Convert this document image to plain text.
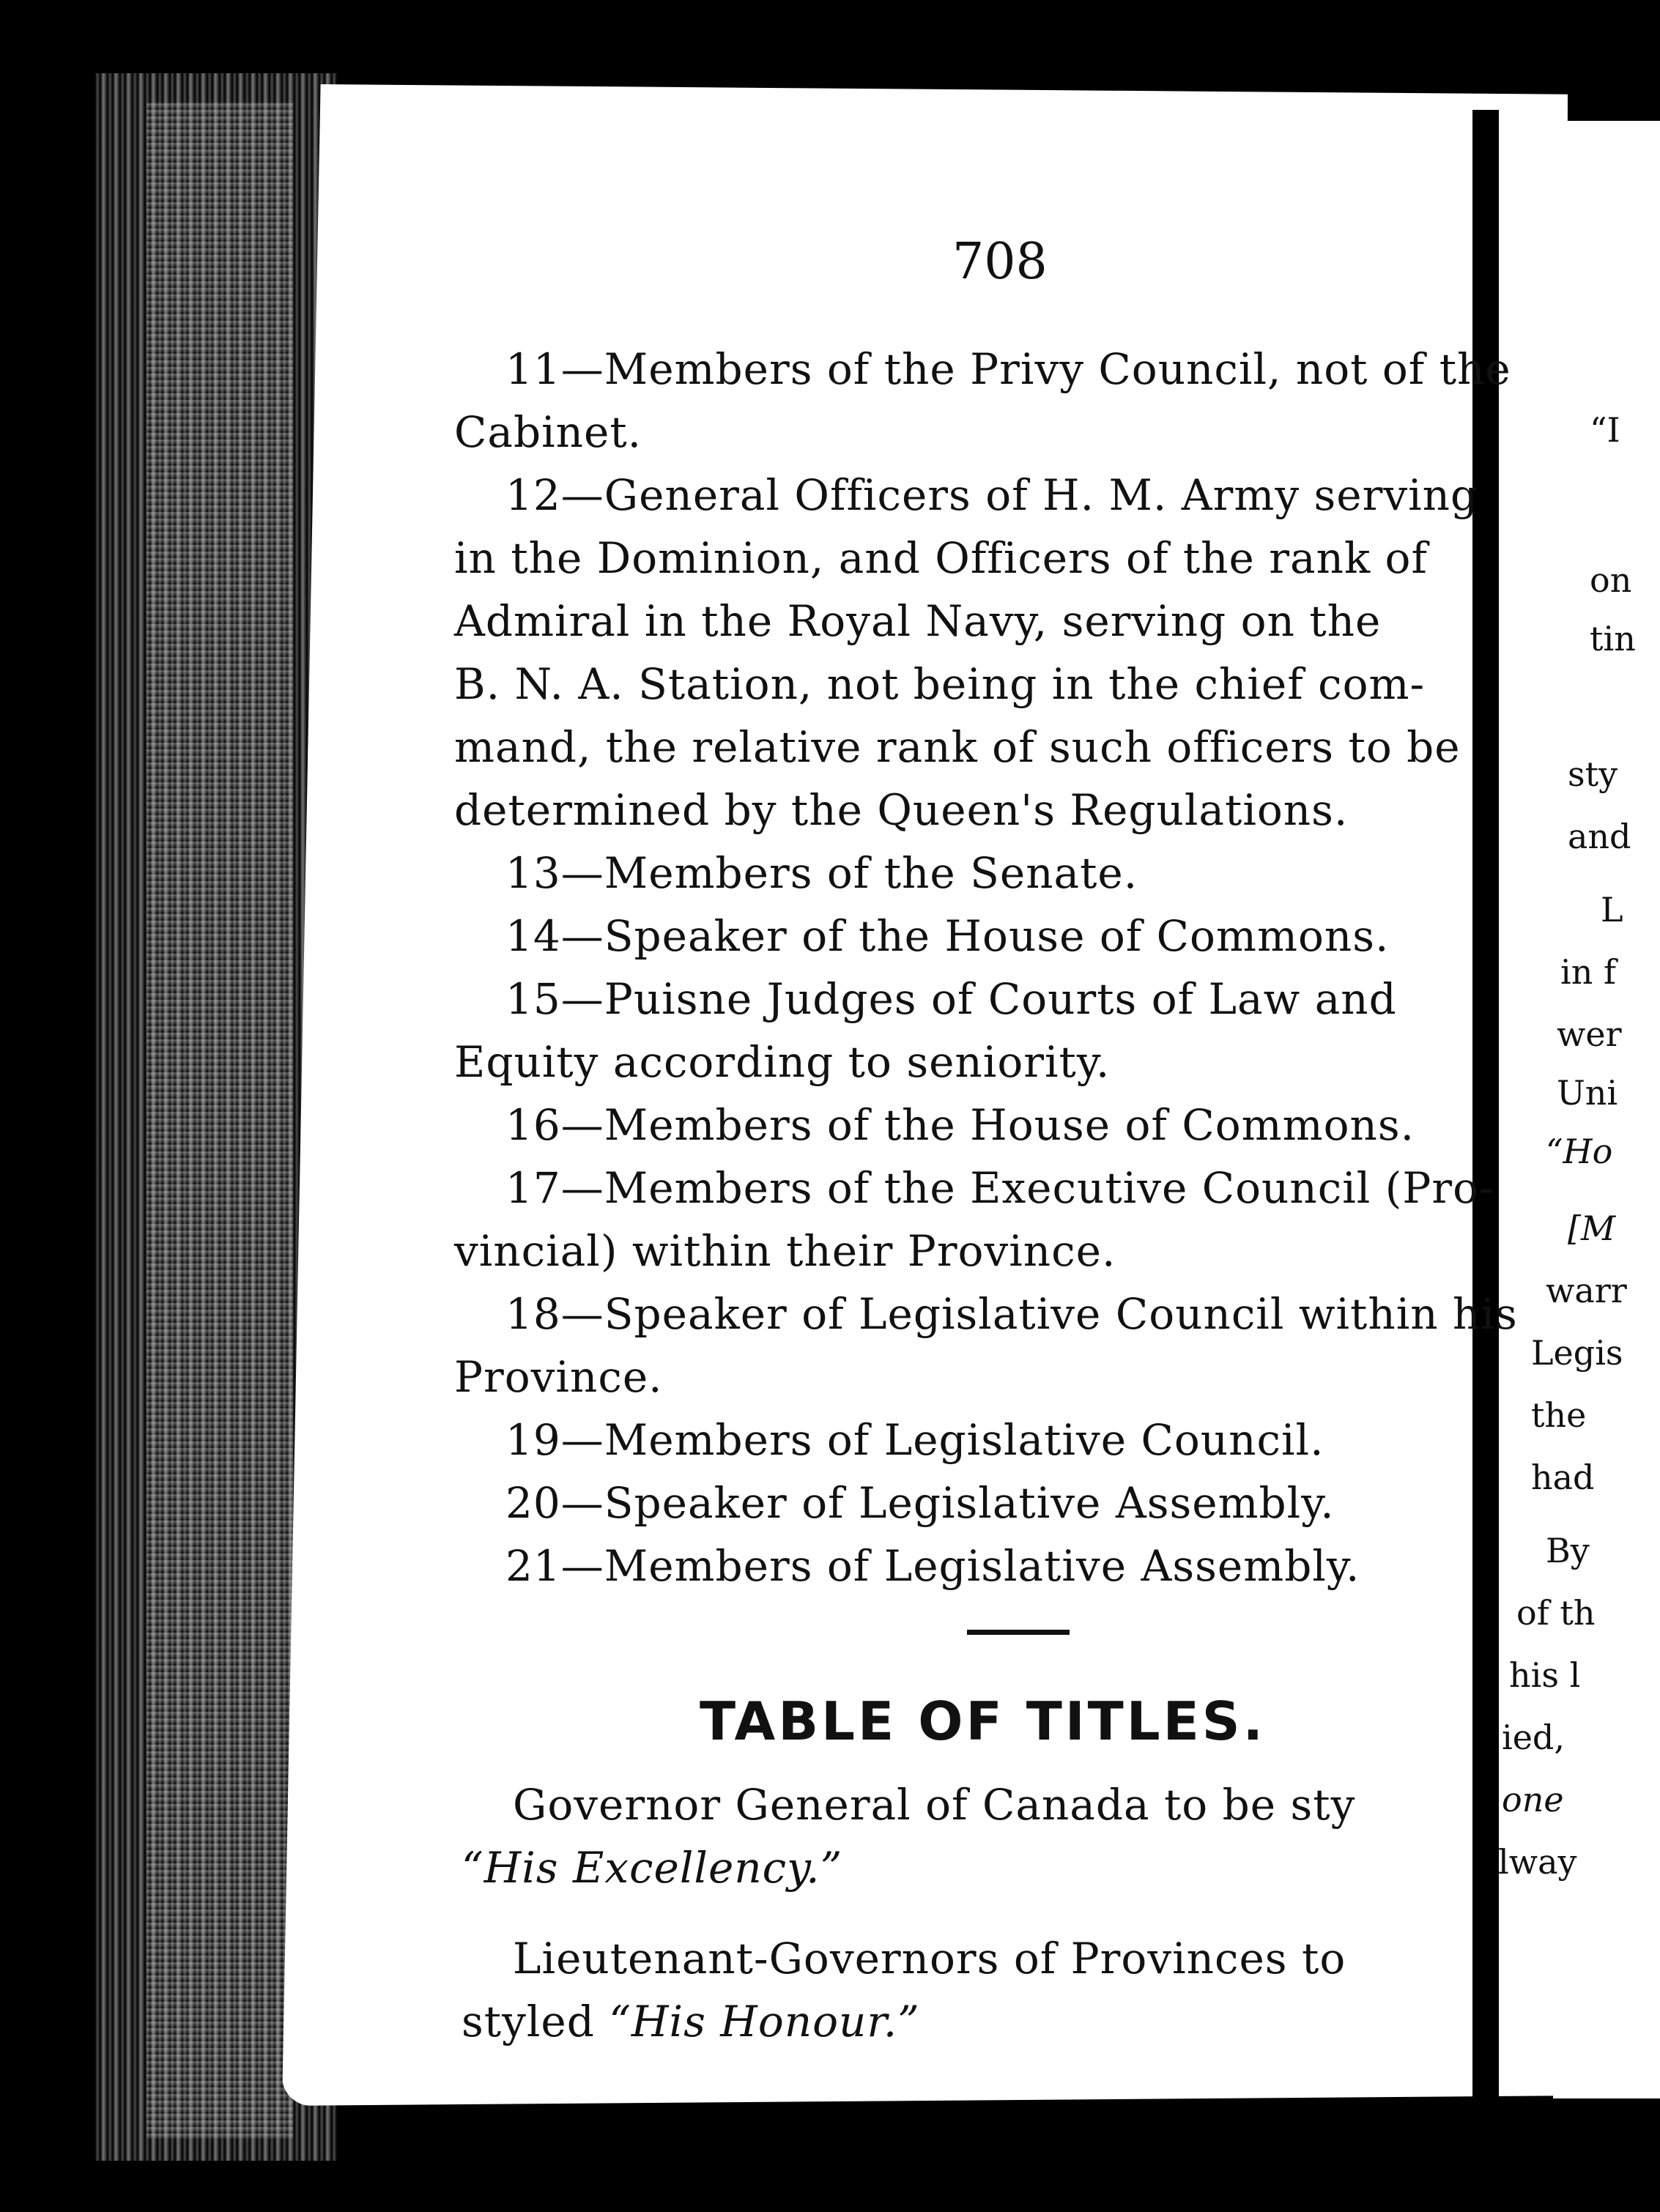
708
11—Members of the Privy Council, not of the
Cabinet.
12—General Officers of H. M. Army serving
in the Dominion, and Officers of the rank of
Admiral in the Royal Navy, serving on the
B. N. A. Station, not being in the chief com-
mand, the relative rank of such officers to be
determined by the Queen's Regulations.
13—Members of the Senate.
14—Speaker of the House of Commons.
15—Puisne Judges of Courts of Law and
Equity according to seniority.
16—Members of the House of Commons.
17—Members of the Executive Council (Pro-
vincial) within their Province.
18—Speaker of Legislative Council within his
Province.
19—Members of Legislative Council.
20—Speaker of Legislative Assembly.
21—Members of Legislative Assembly.
TABLE OF TITLES.
Governor General of Canada to be sty
“His Excellency.”
Lieutenant-Governors of Provinces to
styled “His Honour.”
“I
on
tin
sty
and
L
in f
wer
Uni
“Ho
[M
warr
Legis
the
had
By
of th
his l
ied,
one
lway
